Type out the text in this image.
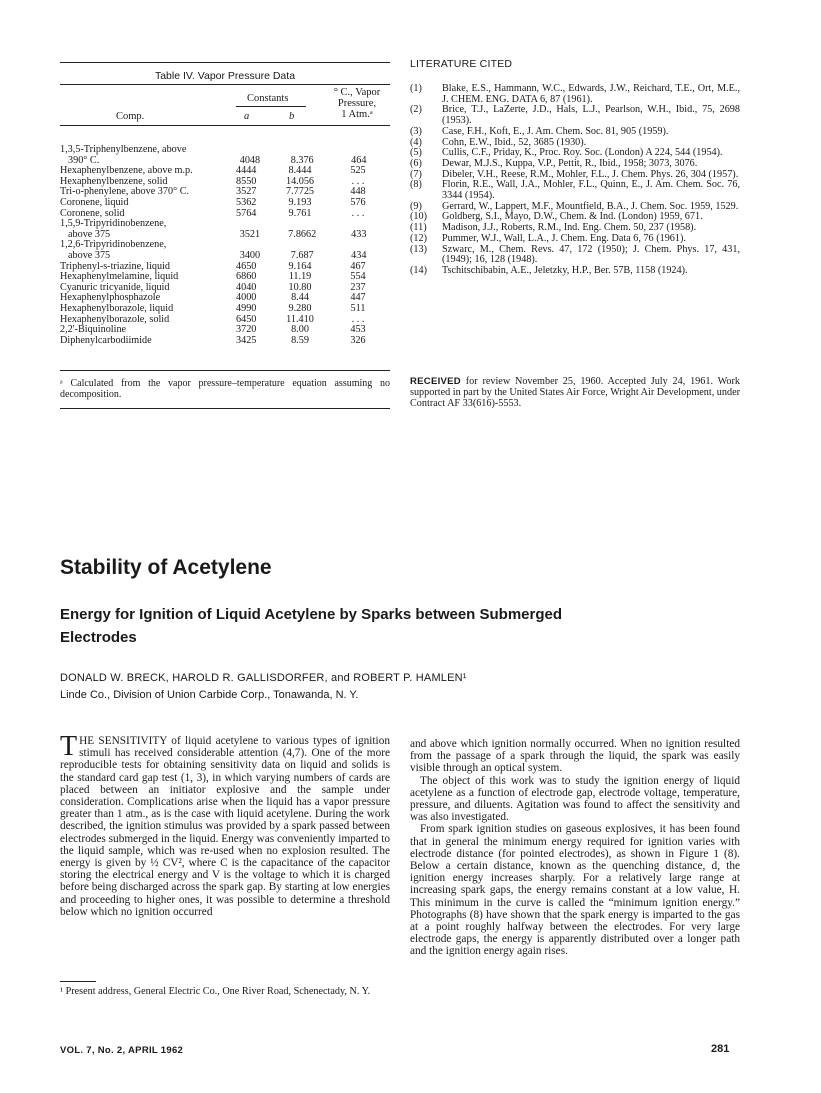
Table IV. Vapor Pressure Data
Constants
Comp.	a	b
° C., Vapor
Pressure,
1 Atm.ᵃ
1,3,5-Triphenylbenzene, above
390° C.	4048	8.376	464
Hexaphenylbenzene, above m.p.	4444	8.444	525
Hexaphenylbenzene, solid	8550	14.056	. . .
Tri-o-phenylene, above 370° C.	3527	7.7725	448
Coronene, liquid	5362	9.193	576
Coronene, solid	5764	9.761	. . .
1,5,9-Tripyridinobenzene,
above 375	3521	7.8662	433
1,2,6-Tripyridinobenzene,
above 375	3400	7.687	434
Triphenyl-s-triazine, liquid	4650	9.164	467
Hexaphenylmelamine, liquid	6860	11.19	554
Cyanuric tricyanide, liquid	4040	10.80	237
Hexaphenylphosphazole	4000	8.44	447
Hexaphenylborazole, liquid	4990	9.280	511
Hexaphenylborazole, solid	6450	11.410	. . .
2,2'-Biquinoline	3720	8.00	453
Diphenylcarbodiimide	3425	8.59	326
ᵃ Calculated from the vapor pressure–temperature equation assuming no decomposition.
LITERATURE CITED
(1)	Blake, E.S., Hammann, W.C., Edwards, J.W., Reichard, T.E., Ort, M.E., J. CHEM. ENG. DATA 6, 87 (1961).
(2)	Brice, T.J., LaZerte, J.D., Hals, L.J., Pearlson, W.H., Ibid., 75, 2698 (1953).
(3)	Case, F.H., Koft, E., J. Am. Chem. Soc. 81, 905 (1959).
(4)	Cohn, E.W., Ibid., 52, 3685 (1930).
(5)	Cullis, C.F., Priday, K., Proc. Roy. Soc. (London) A 224, 544 (1954).
(6)	Dewar, M.J.S., Kuppa, V.P., Pettit, R., Ibid., 1958; 3073, 3076.
(7)	Dibeler, V.H., Reese, R.M., Mohler, F.L., J. Chem. Phys. 26, 304 (1957).
(8)	Florin, R.E., Wall, J.A., Mohler, F.L., Quinn, E., J. Am. Chem. Soc. 76, 3344 (1954).
(9)	Gerrard, W., Lappert, M.F., Mountfield, B.A., J. Chem. Soc. 1959, 1529.
(10)	Goldberg, S.I., Mayo, D.W., Chem. & Ind. (London) 1959, 671.
(11)	Madison, J.J., Roberts, R.M., Ind. Eng. Chem. 50, 237 (1958).
(12)	Pummer, W.J., Wall, L.A., J. Chem. Eng. Data 6, 76 (1961).
(13)	Szwarc, M., Chem. Revs. 47, 172 (1950); J. Chem. Phys. 17, 431, (1949); 16, 128 (1948).
(14)	Tschitschibabin, A.E., Jeletzky, H.P., Ber. 57B, 1158 (1924).
RECEIVED for review November 25, 1960. Accepted July 24, 1961. Work supported in part by the United States Air Force, Wright Air Development, under Contract AF 33(616)-5553.
Stability of Acetylene
Energy for Ignition of Liquid Acetylene by Sparks between Submerged Electrodes
DONALD W. BRECK, HAROLD R. GALLISDORFER, and ROBERT P. HAMLEN¹
Linde Co., Division of Union Carbide Corp., Tonawanda, N. Y.

THE SENSITIVITY of liquid acetylene to various types of ignition stimuli has received considerable attention (4,7). One of the more reproducible tests for obtaining sensitivity data on liquid and solids is the standard card gap test (1, 3), in which varying numbers of cards are placed between an initiator explosive and the sample under consideration. Complications arise when the liquid has a vapor pressure greater than 1 atm., as is the case with liquid acetylene. During the work described, the ignition stimulus was provided by a spark passed between electrodes submerged in the liquid. Energy was conveniently imparted to the liquid sample, which was re-used when no explosion resulted. The energy is given by ½ CV², where C is the capacitance of the capacitor storing the electrical energy and V is the voltage to which it is charged before being discharged across the spark gap. By starting at low energies and proceeding to higher ones, it was possible to determine a threshold below which no ignition occurred

¹ Present address, General Electric Co., One River Road, Schenectady, N. Y.

and above which ignition normally occurred. When no ignition resulted from the passage of a spark through the liquid, the spark was easily visible through an optical system.

The object of this work was to study the ignition energy of liquid acetylene as a function of electrode gap, electrode voltage, temperature, pressure, and diluents. Agitation was found to affect the sensitivity and was also investigated.

From spark ignition studies on gaseous explosives, it has been found that in general the minimum energy required for ignition varies with electrode distance (for pointed electrodes), as shown in Figure 1 (8). Below a certain distance, known as the quenching distance, d, the ignition energy increases sharply. For a relatively large range at increasing spark gaps, the energy remains constant at a low value, H. This minimum in the curve is called the “minimum ignition energy.” Photographs (8) have shown that the spark energy is imparted to the gas at a point roughly halfway between the electrodes. For very large electrode gaps, the energy is apparently distributed over a longer path and the ignition energy again rises.

VOL. 7, No. 2, APRIL 1962	281
